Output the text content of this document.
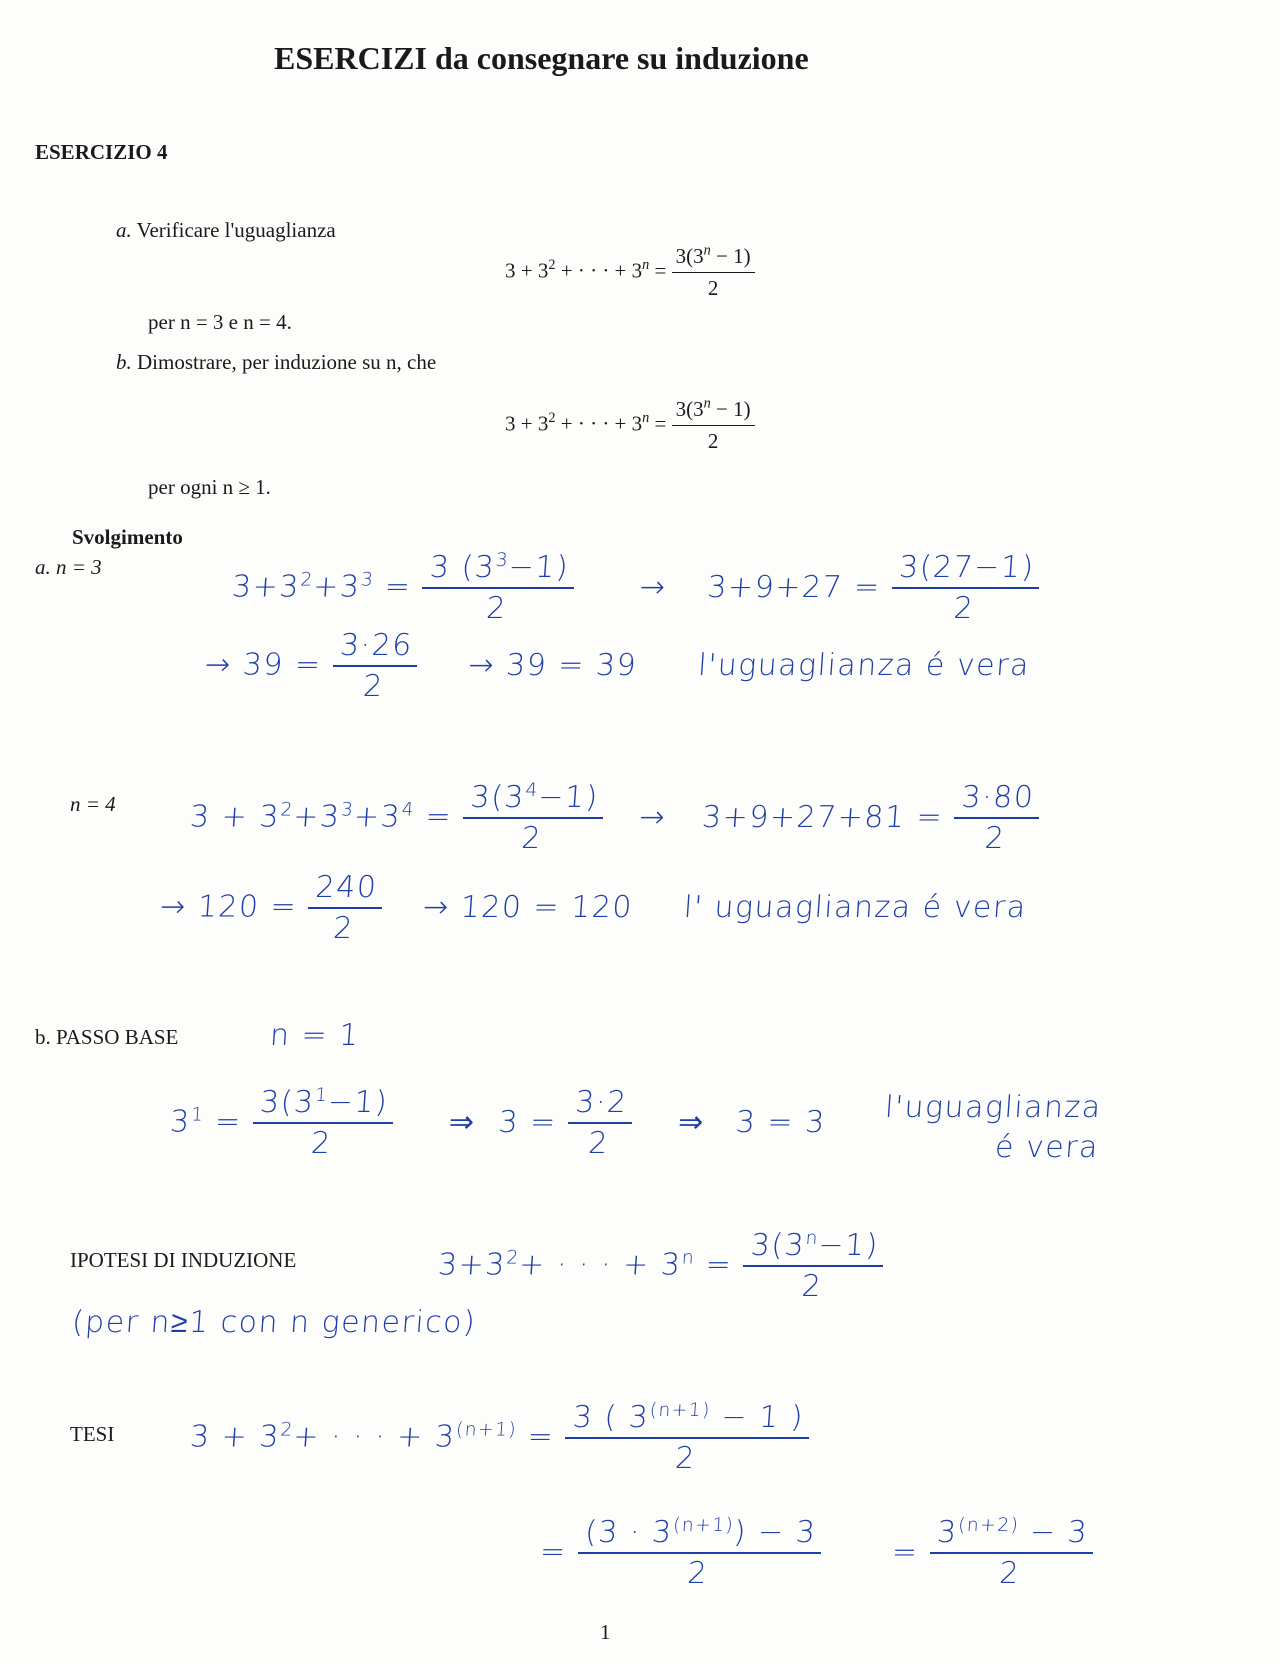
ESERCIZI da consegnare su induzione
ESERCIZIO 4
a. Verificare l'uguaglianza
$3 + 3^2$ + · · · + $3^n = \frac{3(3^n - 1)}{2}$
per n = 3 e n = 4.
b. Dimostrare, per induzione su n, che
$3 + 3^2$ + · · · + $3^n = \frac{3(3^n - 1)}{2}$
per ogni n ≥ 1.
Svolgimento
a. n = 3
$3+3^2+3^3$ =
$\frac{3 (3^3-1)}{2} \to 3+9+27$ =
$\frac{3(27-1)}{2}$
→ 39 =
$\frac{3\cdot 26}{2} \to 39 = 39$ l'uguaglianza é vera
n = 4 $3 + 3^2+3^3+3^4$ =
$\frac{3(3^4-1)}{2} \to 3+9+27+81$ =
$\frac{3\cdot 80}{2}$
→ 120 =
$\frac{240}{2} \to 120 = 120$ l' uguaglianza é vera
b. PASSO BASE	n = 1
$3^1$ =
$\frac{3(3^1-1)}{2}$ ⇒ 3 =
$\frac{3\cdot 2}{2}$ ⇒ 3 = 3 l'uguaglianza
é vera
IPOTESI DI INDUZIONE	$3+3^2+$ · · · + $3^n$ =
$\frac{3(3^n-1)}{2}$
(per n≥1 con n generico)
TESI $3 + 3^2+$ · · · + $3^{(n+1)}$ =
$\frac{3 ( 3^{(n+1)} - 1 )}{2}$
= $\frac{(3 \cdot 3^{(n+1)}) - 3}{2} = \frac{3^{(n+2)} - 3}{2}$
1
